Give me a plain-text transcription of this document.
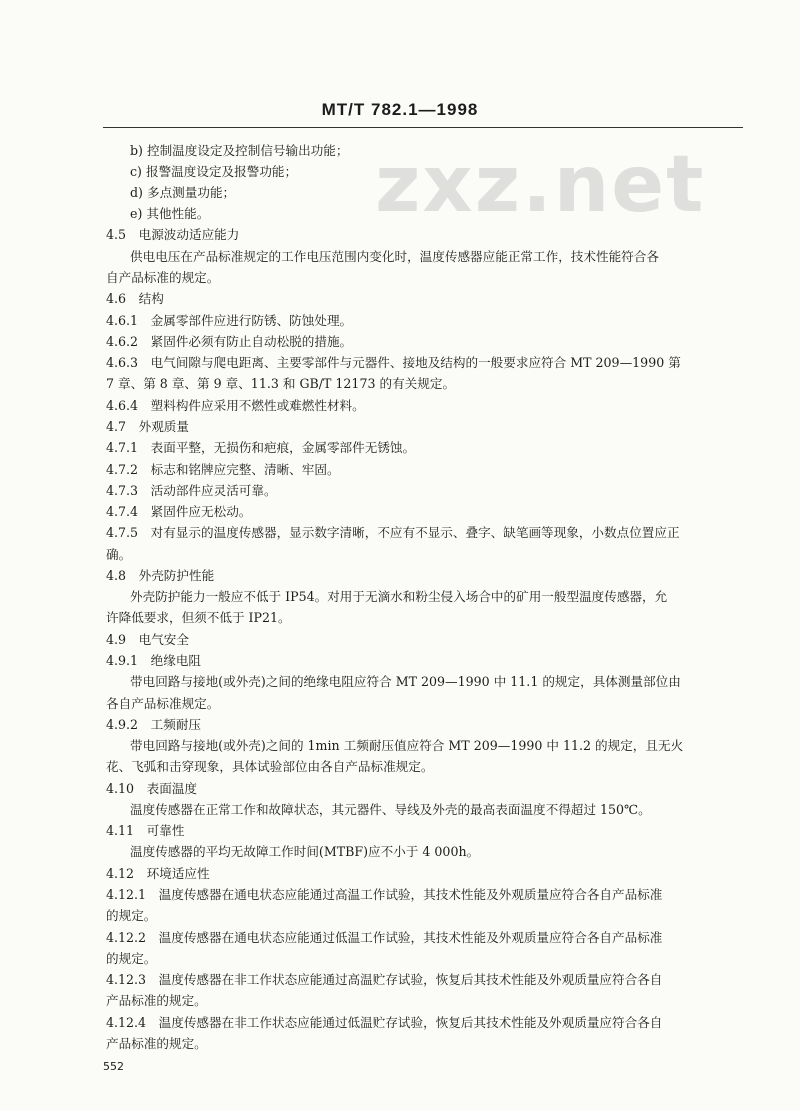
MT/T 782.1—1998
zxz.net
b) 控制温度设定及控制信号输出功能；
c) 报警温度设定及报警功能；
d) 多点测量功能；
e) 其他性能。
4.5　电源波动适应能力
供电电压在产品标准规定的工作电压范围内变化时，温度传感器应能正常工作，技术性能符合各
自产品标准的规定。
4.6　结构
4.6.1　金属零部件应进行防锈、防蚀处理。
4.6.2　紧固件必须有防止自动松脱的措施。
4.6.3　电气间隙与爬电距离、主要零部件与元器件、接地及结构的一般要求应符合 MT 209—1990 第
7 章、第 8 章、第 9 章、11.3 和 GB/T 12173 的有关规定。
4.6.4　塑料构件应采用不燃性或难燃性材料。
4.7　外观质量
4.7.1　表面平整，无损伤和疤痕，金属零部件无锈蚀。
4.7.2　标志和铭牌应完整、清晰、牢固。
4.7.3　活动部件应灵活可靠。
4.7.4　紧固件应无松动。
4.7.5　对有显示的温度传感器，显示数字清晰，不应有不显示、叠字、缺笔画等现象，小数点位置应正
确。
4.8　外壳防护性能
外壳防护能力一般应不低于 IP54。对用于无滴水和粉尘侵入场合中的矿用一般型温度传感器，允
许降低要求，但须不低于 IP21。
4.9　电气安全
4.9.1　绝缘电阻
带电回路与接地(或外壳)之间的绝缘电阻应符合 MT 209—1990 中 11.1 的规定，具体测量部位由
各自产品标准规定。
4.9.2　工频耐压
带电回路与接地(或外壳)之间的 1min 工频耐压值应符合 MT 209—1990 中 11.2 的规定，且无火
花、飞弧和击穿现象，具体试验部位由各自产品标准规定。
4.10　表面温度
温度传感器在正常工作和故障状态，其元器件、导线及外壳的最高表面温度不得超过 150℃。
4.11　可靠性
温度传感器的平均无故障工作时间(MTBF)应不小于 4 000h。
4.12　环境适应性
4.12.1　温度传感器在通电状态应能通过高温工作试验，其技术性能及外观质量应符合各自产品标准
的规定。
4.12.2　温度传感器在通电状态应能通过低温工作试验，其技术性能及外观质量应符合各自产品标准
的规定。
4.12.3　温度传感器在非工作状态应能通过高温贮存试验，恢复后其技术性能及外观质量应符合各自
产品标准的规定。
4.12.4　温度传感器在非工作状态应能通过低温贮存试验，恢复后其技术性能及外观质量应符合各自
产品标准的规定。
552
